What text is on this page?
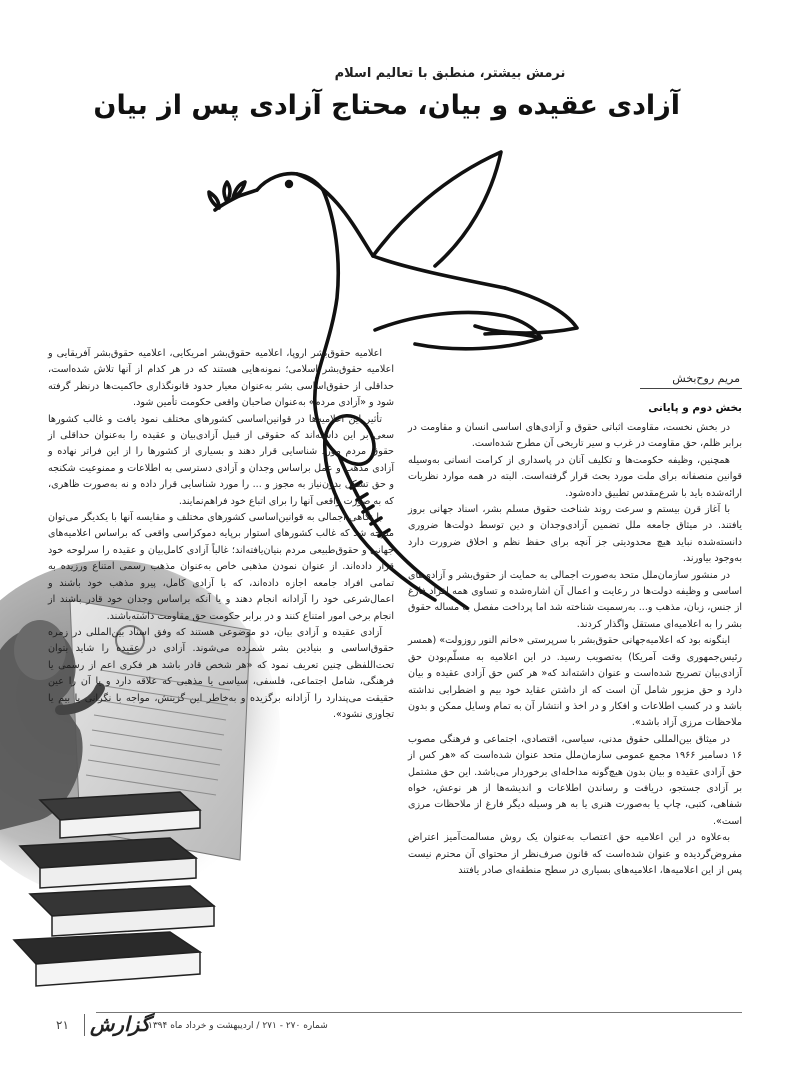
نرمش بیشتر، منطبق با تعالیم اسلام
آزادی عقیده و بیان، محتاج آزادی پس از بیان
مریم روح‌بخش
بخش دوم و پایانی

در بخش نخست، مقاومت اثباتی حقوق و آزادی‌های اساسی انسان و مقاومت در برابر ظلم، حق مقاومت در غرب و سیر تاریخی آن مطرح شده‌است.

همچنین، وظیفه حکومت‌ها و تکلیف آنان در پاسداری از کرامت انسانی به‌وسیله قوانین منصفانه برای ملت مورد بحث قرار گرفته‌است. البته در همه موارد نظریات ارائه‌شده باید با شرع‌مقدس تطبیق داده‌شود.

با آغاز قرن بیستم و سرعت روند شناخت حقوق مسلم بشر، اسناد جهانی بروز یافتند. در میثاق جامعه ملل تضمین آزادی‌وجدان و دین توسط دولت‌ها ضروری دانسته‌شده نباید هیچ محدودیتی جز آنچه برای حفظ نظم و اخلاق ضرورت دارد به‌وجود بیاورند.

در منشور سازمان‌ملل متحد به‌صورت اجمالی به حمایت از حقوق‌بشر و آزادی‌های اساسی و وظیفه دولت‌ها در رعایت و اعمال آن اشاره‌شده و تساوی همه افراد فارغ از جنس، زبان، مذهب و... به‌رسمیت شناخته شد اما پرداخت مفصل به مساله حقوق بشر را به اعلامیه‌ای مستقل واگذار کردند.

اینگونه بود که اعلامیه‌جهانی حقوق‌بشر با سرپرستی «خانم النور روزولت» (همسر رئیس‌جمهوری وقت آمریکا) به‌تصویب رسید. در این اعلامیه به مسلّم‌بودن حق آزادی‌بیان تصریح شده‌است و عنوان داشته‌اند که« هر کس حق آزادی عقیده و بیان دارد و حق مزبور شامل آن است که از داشتن عقاید خود بیم و اضطرابی نداشته باشد و در کسب اطلاعات و افکار و در اخذ و انتشار آن به تمام وسایل ممکن و بدون ملاحظات مرزی آزاد باشد».

در میثاق بین‌المللی حقوق مدنی، سیاسی، اقتصادی، اجتماعی و فرهنگی مصوب ۱۶ دسامبر ۱۹۶۶ مجمع عمومی سازمان‌ملل متحد عنوان شده‌است که «هر کس از حق آزادی عقیده و بیان بدون هیچ‌گونه مداخله‌ای برخوردار می‌باشد. این حق مشتمل بر آزادی جستجو، دریافت و رساندن اطلاعات و اندیشه‌ها از هر نوعش، خواه شفاهی، کتبی، چاپ یا به‌صورت هنری یا به هر وسیله دیگر فارغ از ملاحظات مرزی است».

به‌علاوه در این اعلامیه حق اعتصاب به‌عنوان یک روش مسالمت‌آمیز اعتراض مفروض‌گردیده و عنوان شده‌است که قانون صرف‌نظر از محتوای آن محترم نیست پس از این اعلامیه‌ها، اعلامیه‌های بسیاری در سطح منطقه‌ای صادر یافتند

اعلامیه حقوق‌بشر اروپا، اعلامیه حقوق‌بشر امریکایی، اعلامیه حقوق‌بشر آفریقایی و اعلامیه حقوق‌بشر اسلامی؛ نمونه‌هایی هستند که در هر کدام از آنها تلاش شده‌است، حداقلی از حقوق‌اساسی بشر به‌عنوان معیار حدود قانونگذاری حاکمیت‌ها درنظر گرفته شود و «آزادی مردم» به‌عنوان صاحبان واقعی حکومت تأمین شود.

تأثیر این اعلامیه‌ها در قوانین‌اساسی کشورهای مختلف نمود یافت و غالب کشورها سعی بر این داشته‌اند که حقوقی از قبیل آزادی‌بیان و عقیده را به‌عنوان حداقلی از حقوق مردم مورد شناسایی قرار دهند و بسیاری از کشورها را از این فراتر نهاده و آزادی مذهب و عمل براساس وجدان و آزادی دسترسی به اطلاعات و ممنوعیت شکنجه و حق تشکل بدون‌نیاز به مجوز و ... را مورد شناسایی قرار داده و نه به‌صورت ظاهری، که به صورت واقعی آنها را برای اتباع خود فراهم‌نمایند.

با نگاهی اجمالی به قوانین‌اساسی کشورهای مختلف و مقایسه آنها با یکدیگر می‌توان متوجه شد که غالب کشورهای استوار برپایه دموکراسی واقعی که براساس اعلامیه‌های جهانی و حقوق‌طبیعی مردم بنیان‌یافته‌اند؛ غالباً آزادی کامل‌بیان و عقیده را سرلوحه خود قرار داده‌اند. از عنوان نمودن مذهبی خاص به‌عنوان مذهب رسمی امتناع ورزیده به تمامی افراد جامعه اجازه داده‌اند، که با آزادی کامل، پیرو مذهب خود باشند و اعمال‌شرعی خود را آزادانه انجام دهند و یا آنکه براساس وجدان خود قادر باشند از انجام برخی امور امتناع کنند و در برابر حکومت حق مقاومت داشته‌باشند.

آزادی عقیده و آزادی بیان، دو موضوعی هستند که وفق اسناد بین‌المللی در زمره حقوق‌اساسی و بنیادین بشر شمرده می‌شوند. آزادی در عقیده را شاید بتوان تحت‌اللفظی چنین تعریف نمود که «هر شخص قادر باشد هر فکری اعم از رسمی یا فرهنگی، شامل اجتماعی، فلسفی، سیاسی یا مذهبی که علاقه دارد و یا آن را عین حقیقت می‌پندارد را آزادانه برگزیده و به‌خاطر این گزینش، مواجه با نگرانی یا بیم یا تجاوزی نشود».

۲۱ گزارش
شماره ۲۷۰ - ۲۷۱ / اردیبهشت و خرداد ماه ۱۳۹۴
